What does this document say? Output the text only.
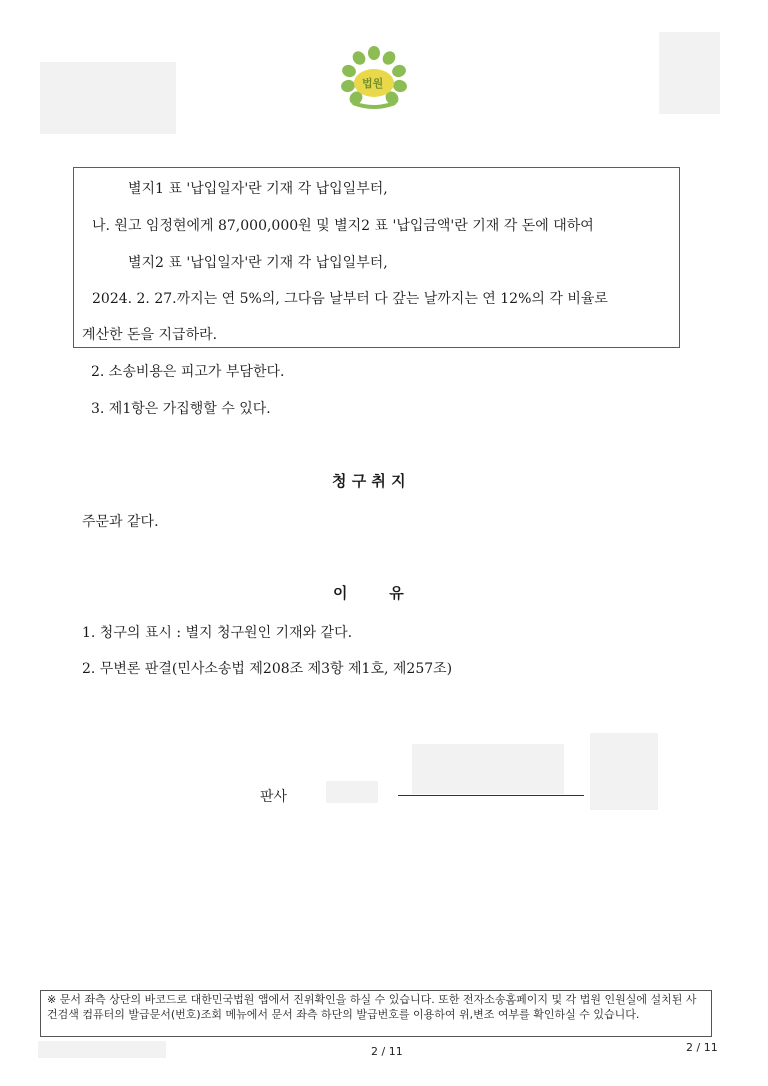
법원
별지1 표 '납입일자'란 기재 각 납입일부터,
나. 원고 임정현에게 87,000,000원 및 별지2 표 '납입금액'란 기재 각 돈에 대하여
별지2 표 '납입일자'란 기재 각 납입일부터,
2024. 2. 27.까지는 연 5%의, 그다음 날부터 다 갚는 날까지는 연 12%의 각 비율로
계산한 돈을 지급하라.
2. 소송비용은 피고가 부담한다.
3. 제1항은 가집행할 수 있다.
청 구 취 지
주문과 같다.
이        유
1. 청구의 표시 : 별지 청구원인 기재와 같다.
2. 무변론 판결(민사소송법 제208조 제3항 제1호, 제257조)
판사
※ 문서 좌측 상단의 바코드로 대한민국법원 앱에서 진위확인을 하실 수 있습니다. 또한 전자소송홈페이지 및 각 법원 인원실에 설치된 사건검색 컴퓨터의 발급문서(번호)조회 메뉴에서 문서 좌측 하단의 발급번호를 이용하여 위,변조 여부를 확인하실 수 있습니다.
2 / 11	2 / 11
